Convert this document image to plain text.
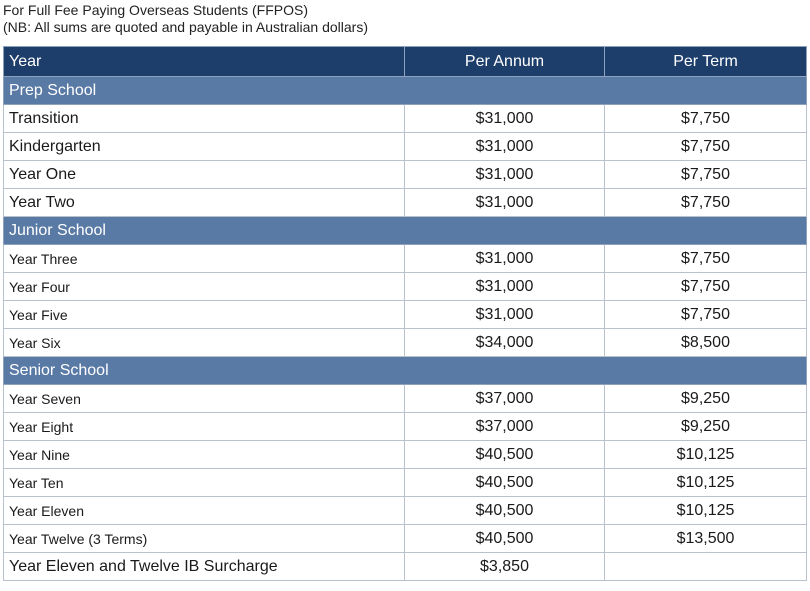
For Full Fee Paying Overseas Students (FFPOS)
(NB: All sums are quoted and payable in Australian dollars)
Year	Per Annum	Per Term
Prep School		
Transition	$31,000	$7,750
Kindergarten	$31,000	$7,750
Year One	$31,000	$7,750
Year Two	$31,000	$7,750
Junior School		
Year Three	$31,000	$7,750
Year Four	$31,000	$7,750
Year Five	$31,000	$7,750
Year Six	$34,000	$8,500
Senior School		
Year Seven	$37,000	$9,250
Year Eight	$37,000	$9,250
Year Nine	$40,500	$10,125
Year Ten	$40,500	$10,125
Year Eleven	$40,500	$10,125
Year Twelve (3 Terms)	$40,500	$13,500
Year Eleven and Twelve IB Surcharge	$3,850	
